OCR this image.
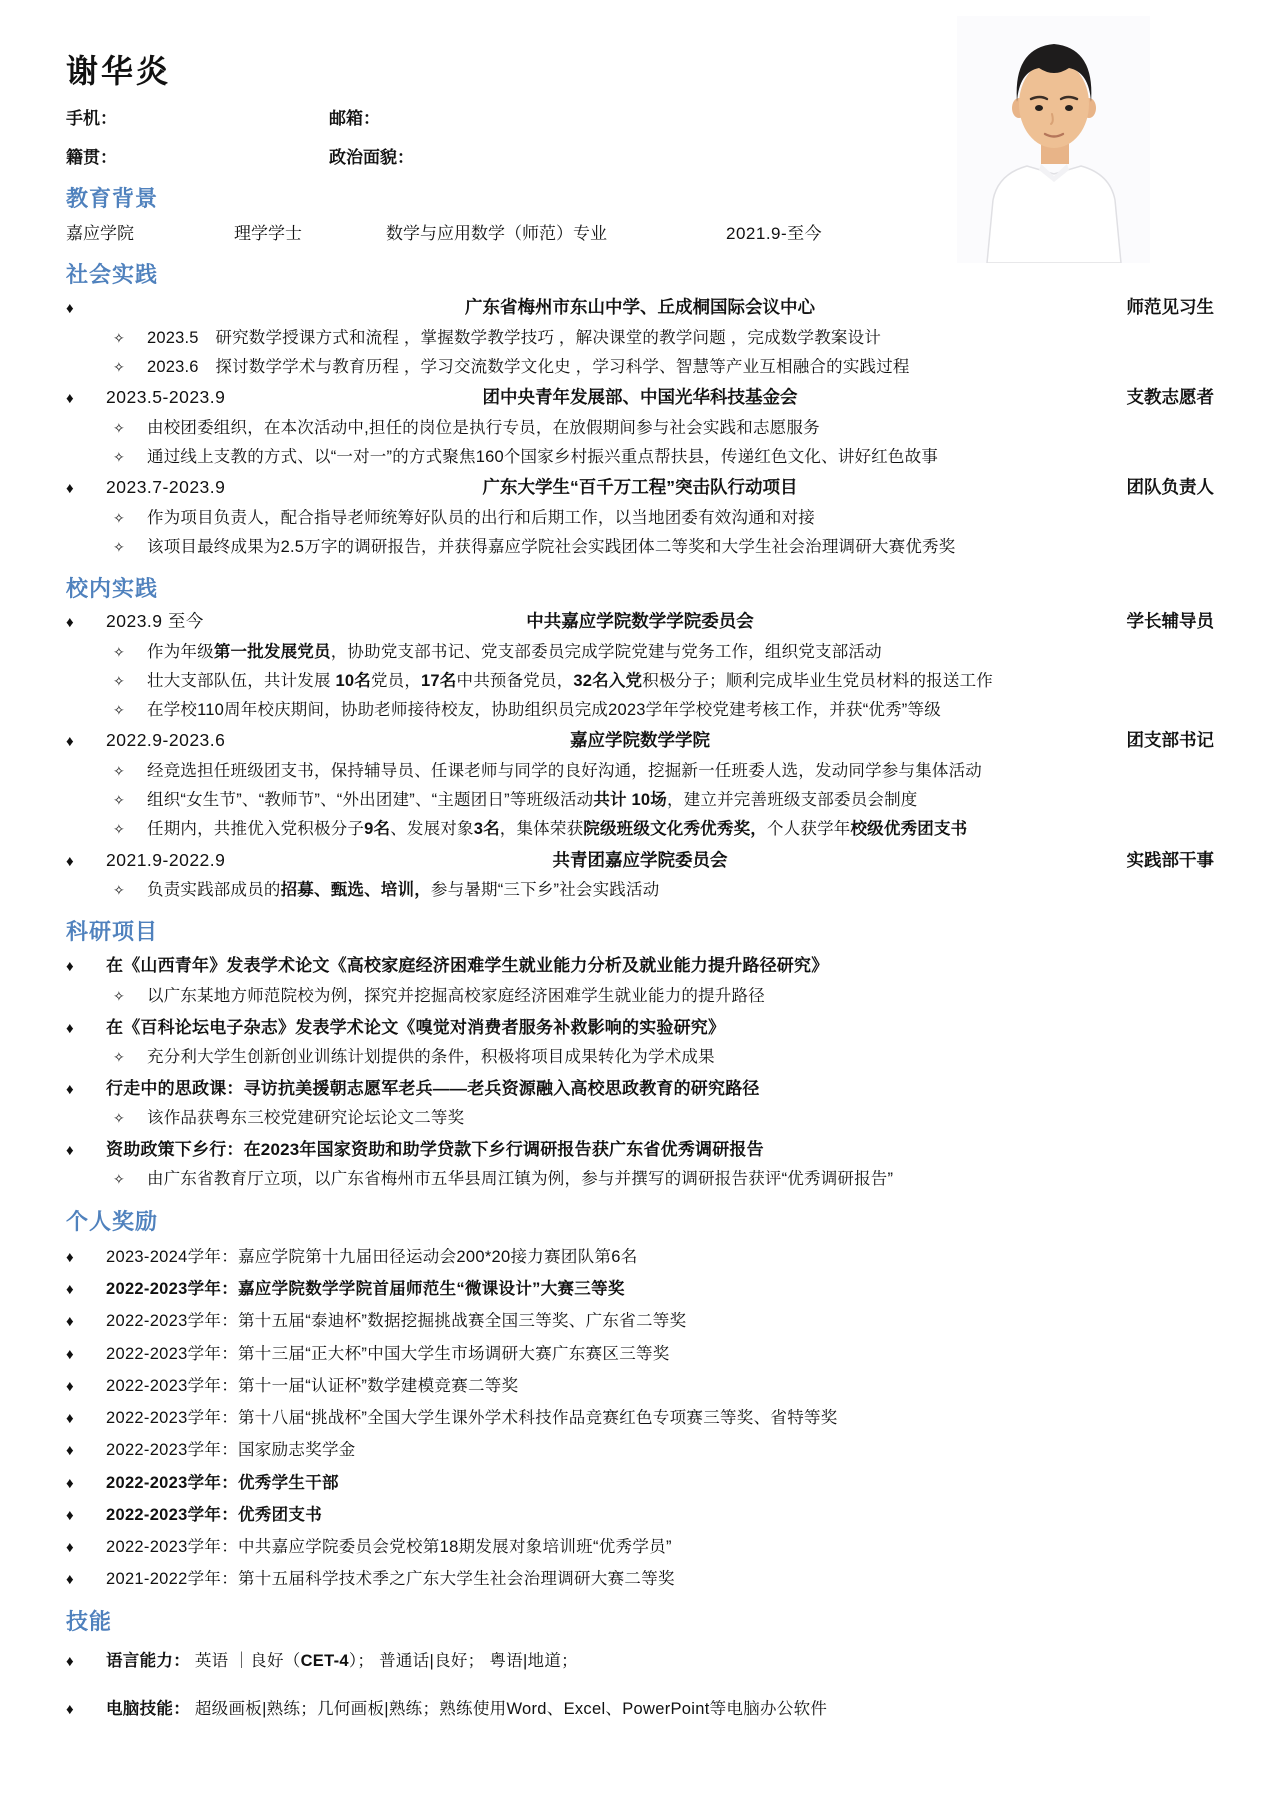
谢华炎
手机：	邮箱：
籍贯：	政治面貌：
教育背景
嘉应学院	理学学士	数学与应用数学（师范）专业	2021.9-至今
社会实践
♦	广东省梅州市东山中学、丘成桐国际会议中心	师范见习生
✧	2023.5　研究数学授课方式和流程 ，掌握数学教学技巧 ，解决课堂的教学问题 ，完成数学教案设计
✧	2023.6　探讨数学学术与教育历程 ，学习交流数学文化史 ，学习科学、智慧等产业互相融合的实践过程
♦	2023.5-2023.9	团中央青年发展部、中国光华科技基金会	支教志愿者
✧	由校团委组织，在本次活动中,担任的岗位是执行专员，在放假期间参与社会实践和志愿服务
✧	通过线上支教的方式、以“一对一”的方式聚焦160个国家乡村振兴重点帮扶县，传递红色文化、讲好红色故事
♦	2023.7-2023.9	广东大学生“百千万工程”突击队行动项目	团队负责人
✧	作为项目负责人，配合指导老师统筹好队员的出行和后期工作，以当地团委有效沟通和对接
✧	该项目最终成果为2.5万字的调研报告，并获得嘉应学院社会实践团体二等奖和大学生社会治理调研大赛优秀奖
校内实践
♦	2023.9 至今	中共嘉应学院数学学院委员会	学长辅导员
✧	作为年级第一批发展党员，协助党支部书记、党支部委员完成学院党建与党务工作，组织党支部活动
✧	壮大支部队伍，共计发展 10名党员，17名中共预备党员，32名入党积极分子；顺利完成毕业生党员材料的报送工作
✧	在学校110周年校庆期间，协助老师接待校友，协助组织员完成2023学年学校党建考核工作，并获“优秀”等级
♦	2022.9-2023.6	嘉应学院数学学院	团支部书记
✧	经竞选担任班级团支书，保持辅导员、任课老师与同学的良好沟通，挖掘新一任班委人选，发动同学参与集体活动
✧	组织“女生节”、“教师节”、“外出团建”、“主题团日”等班级活动共计 10场，建立并完善班级支部委员会制度
✧	任期内，共推优入党积极分子9名、发展对象3名，集体荣获院级班级文化秀优秀奖，个人获学年校级优秀团支书
♦	2021.9-2022.9	共青团嘉应学院委员会	实践部干事
✧	负责实践部成员的招募、甄选、培训，参与暑期“三下乡”社会实践活动
科研项目
♦	在《山西青年》发表学术论文《高校家庭经济困难学生就业能力分析及就业能力提升路径研究》
✧	以广东某地方师范院校为例，探究并挖掘高校家庭经济困难学生就业能力的提升路径
♦	在《百科论坛电子杂志》发表学术论文《嗅觉对消费者服务补救影响的实验研究》
✧	充分利大学生创新创业训练计划提供的条件，积极将项目成果转化为学术成果
♦	行走中的思政课：寻访抗美援朝志愿军老兵——老兵资源融入高校思政教育的研究路径
✧	该作品获粤东三校党建研究论坛论文二等奖
♦	资助政策下乡行：在2023年国家资助和助学贷款下乡行调研报告获广东省优秀调研报告
✧	由广东省教育厅立项，以广东省梅州市五华县周江镇为例，参与并撰写的调研报告获评“优秀调研报告”
个人奖励
♦	2023-2024学年：嘉应学院第十九届田径运动会200*20接力赛团队第6名
♦	2022-2023学年：嘉应学院数学学院首届师范生“微课设计”大赛三等奖
♦	2022-2023学年：第十五届“泰迪杯”数据挖掘挑战赛全国三等奖、广东省二等奖
♦	2022-2023学年：第十三届“正大杯”中国大学生市场调研大赛广东赛区三等奖
♦	2022-2023学年：第十一届“认证杯”数学建模竞赛二等奖
♦	2022-2023学年：第十八届“挑战杯”全国大学生课外学术科技作品竞赛红色专项赛三等奖、省特等奖
♦	2022-2023学年：国家励志奖学金
♦	2022-2023学年：优秀学生干部
♦	2022-2023学年：优秀团支书
♦	2022-2023学年：中共嘉应学院委员会党校第18期发展对象培训班“优秀学员”
♦	2021-2022学年：第十五届科学技术季之广东大学生社会治理调研大赛二等奖
技能
♦	语言能力： 英语 ｜良好（CET-4）； 普通话|良好； 粤语|地道；
♦	电脑技能： 超级画板|熟练；几何画板|熟练；熟练使用Word、Excel、PowerPoint等电脑办公软件
